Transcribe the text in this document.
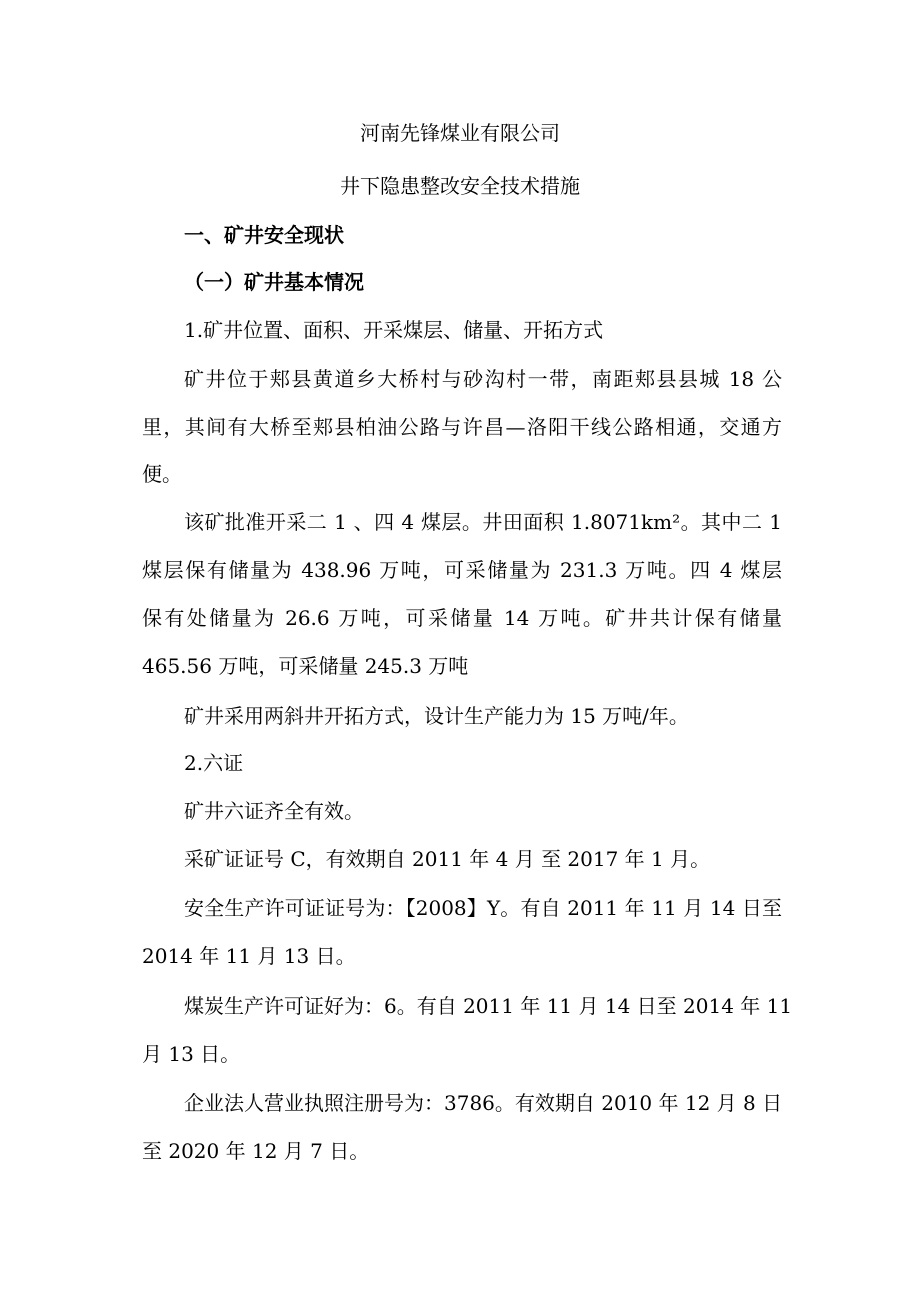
河南先锋煤业有限公司
井下隐患整改安全技术措施
一、矿井安全现状
（一）矿井基本情况
1.矿井位置、面积、开采煤层、储量、开拓方式
矿井位于郏县黄道乡大桥村与砂沟村一带，南距郏县县城 18 公
里，其间有大桥至郏县柏油公路与许昌—洛阳干线公路相通，交通方
便。
该矿批准开采二 1 、四 4 煤层。井田面积 1.8071km²。其中二 1
煤层保有储量为 438.96 万吨，可采储量为 231.3 万吨。四 4 煤层
保有处储量为 26.6 万吨，可采储量 14 万吨。矿井共计保有储量
465.56 万吨，可采储量 245.3 万吨
矿井采用两斜井开拓方式，设计生产能力为 15 万吨/年。
2.六证
矿井六证齐全有效。
采矿证证号 C，有效期自 2011 年 4 月 至 2017 年 1 月。
安全生产许可证证号为：【2008】Y。有自 2011 年 11 月 14 日至
2014 年 11 月 13 日。
煤炭生产许可证好为：6。有自 2011 年 11 月 14 日至 2014 年 11
月 13 日。
企业法人营业执照注册号为：3786。有效期自 2010 年 12 月 8 日
至 2020 年 12 月 7 日。
